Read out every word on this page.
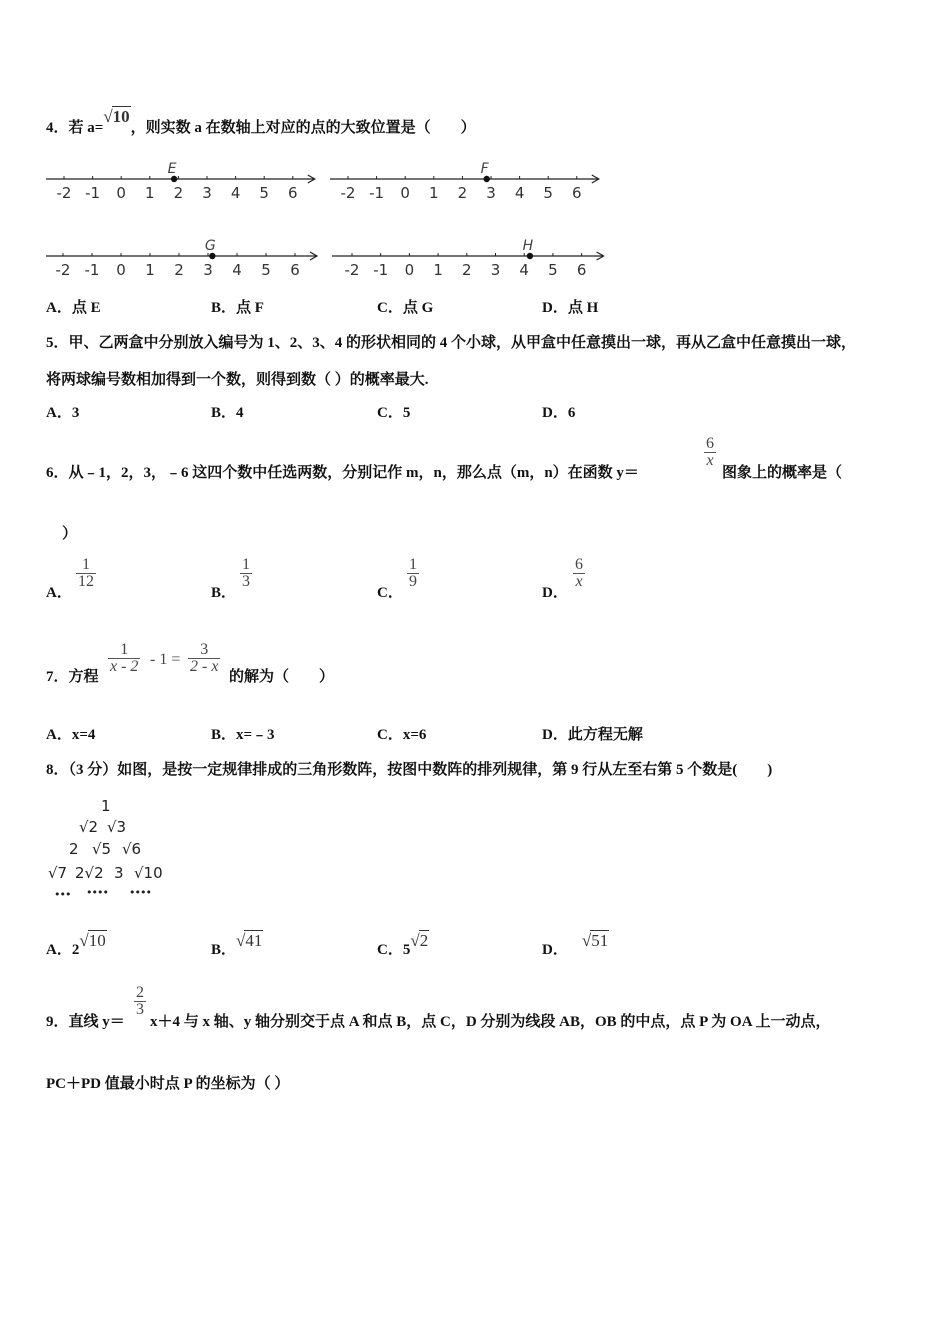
4．若 a=√10，则实数 a 在数轴上对应的点的大致位置是（　　）
-2 -1 0 1 2 3 4 5 6
E
-2 -1 0 1 2 3 4 5 6
F
-2 -1 0 1 2 3 4 5 6
G
-2 -1 0 1 2 3 4 5 6
H
A．点 E	B．点 F	C．点 G	D．点 H
5．甲、乙两盒中分别放入编号为 1、2、3、4 的形状相同的 4 个小球，从甲盒中任意摸出一球，再从乙盒中任意摸出一球，
将两球编号数相加得到一个数，则得到数（ ）的概率最大.
A．3	B．4	C．5	D．6
6．从﹣1，2，3，﹣6 这四个数中任选两数，分别记作 m，n，那么点（m，n）在函数 y＝
$\frac{6}{x}$
图象上的概率是（
）
A．
$\frac{1}{12}$
B．
$\frac{1}{3}$
C．
$\frac{1}{9}$
D．
$\frac{6}{x}$
7．方程
$\frac{1}{x - 2} - 1 = \frac{3}{2 - x}$
的解为（　　）
A．x=4	B．x=﹣3	C．x=6	D．此方程无解
8．（3 分）如图，是按一定规律排成的三角形数阵，按图中数阵的排列规律，第 9 行从左至右第 5 个数是(　　)
1
√2 √3
2 √5 √6
√7 2√2 3 √10
••• •••• ••••
A．2√10	B．√41	C．5√2	D． √51
9．直线 y＝
$\frac{2}{3}$
x＋4 与 x 轴、y 轴分别交于点 A 和点 B，点 C，D 分别为线段 AB，OB 的中点，点 P 为 OA 上一动点，
PC＋PD 值最小时点 P 的坐标为（ ）
